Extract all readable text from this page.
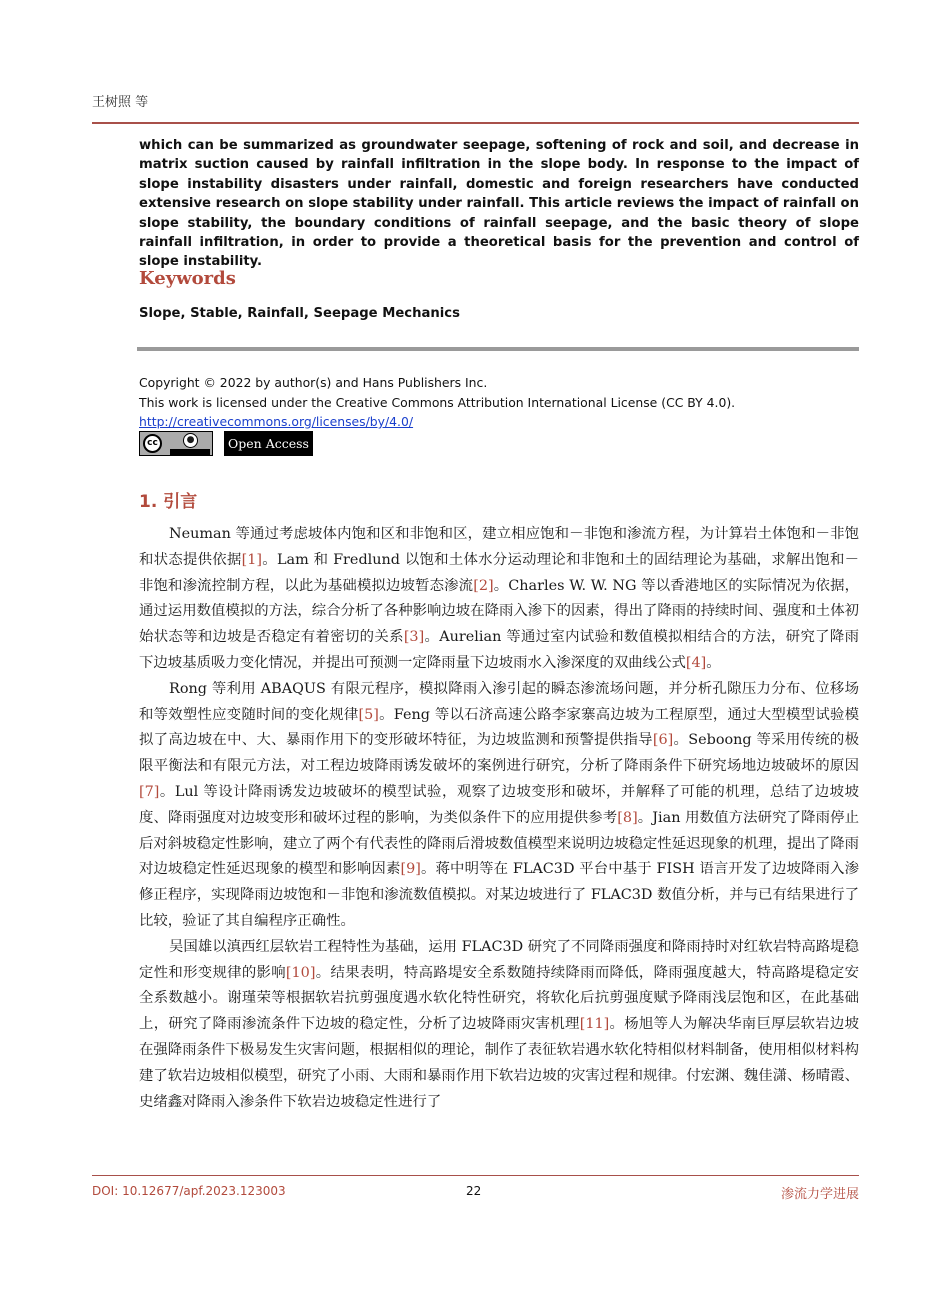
王树照 等
which can be summarized as groundwater seepage, softening of rock and soil, and decrease in matrix suction caused by rainfall infiltration in the slope body. In response to the impact of slope instability disasters under rainfall, domestic and foreign researchers have conducted extensive research on slope stability under rainfall. This article reviews the impact of rainfall on slope stability, the boundary conditions of rainfall seepage, and the basic theory of slope rainfall infiltration, in order to provide a theoretical basis for the prevention and control of slope instability.
Keywords
Slope, Stable, Rainfall, Seepage Mechanics
Copyright © 2022 by author(s) and Hans Publishers Inc.
This work is licensed under the Creative Commons Attribution International License (CC BY 4.0).
http://creativecommons.org/licenses/by/4.0/
cc	●	Open Access
1. 引言

Neuman 等通过考虑坡体内饱和区和非饱和区，建立相应饱和－非饱和渗流方程，为计算岩土体饱和－非饱和状态提供依据[1]。Lam 和 Fredlund 以饱和土体水分运动理论和非饱和土的固结理论为基础，求解出饱和－非饱和渗流控制方程，以此为基础模拟边坡暂态渗流[2]。Charles W. W. NG 等以香港地区的实际情况为依据，通过运用数值模拟的方法，综合分析了各种影响边坡在降雨入渗下的因素，得出了降雨的持续时间、强度和土体初始状态等和边坡是否稳定有着密切的关系[3]。Aurelian 等通过室内试验和数值模拟相结合的方法，研究了降雨下边坡基质吸力变化情况，并提出可预测一定降雨量下边坡雨水入渗深度的双曲线公式[4]。

Rong 等利用 ABAQUS 有限元程序，模拟降雨入渗引起的瞬态渗流场问题，并分析孔隙压力分布、位移场和等效塑性应变随时间的变化规律[5]。Feng 等以石济高速公路李家寨高边坡为工程原型，通过大型模型试验模拟了高边坡在中、大、暴雨作用下的变形破坏特征，为边坡监测和预警提供指导[6]。Seboong 等采用传统的极限平衡法和有限元方法，对工程边坡降雨诱发破坏的案例进行研究，分析了降雨条件下研究场地边坡破坏的原因[7]。Lul 等设计降雨诱发边坡破坏的模型试验，观察了边坡变形和破坏，并解释了可能的机理，总结了边坡坡度、降雨强度对边坡变形和破坏过程的影响，为类似条件下的应用提供参考[8]。Jian 用数值方法研究了降雨停止后对斜坡稳定性影响，建立了两个有代表性的降雨后滑坡数值模型来说明边坡稳定性延迟现象的机理，提出了降雨对边坡稳定性延迟现象的模型和影响因素[9]。蒋中明等在 FLAC3D 平台中基于 FISH 语言开发了边坡降雨入渗修正程序，实现降雨边坡饱和－非饱和渗流数值模拟。对某边坡进行了 FLAC3D 数值分析，并与已有结果进行了比较，验证了其自编程序正确性。

吴国雄以滇西红层软岩工程特性为基础，运用 FLAC3D 研究了不同降雨强度和降雨持时对红软岩特高路堤稳定性和形变规律的影响[10]。结果表明，特高路堤安全系数随持续降雨而降低，降雨强度越大，特高路堤稳定安全系数越小。谢瑾荣等根据软岩抗剪强度遇水软化特性研究，将软化后抗剪强度赋予降雨浅层饱和区，在此基础上，研究了降雨渗流条件下边坡的稳定性，分析了边坡降雨灾害机理[11]。杨旭等人为解决华南巨厚层软岩边坡在强降雨条件下极易发生灾害问题，根据相似的理论，制作了表征软岩遇水软化特相似材料制备，使用相似材料构建了软岩边坡相似模型，研究了小雨、大雨和暴雨作用下软岩边坡的灾害过程和规律。付宏渊、魏佳潇、杨晴霞、史绪鑫对降雨入渗条件下软岩边坡稳定性进行了

DOI: 10.12677/apf.2023.123003	22	渗流力学进展
